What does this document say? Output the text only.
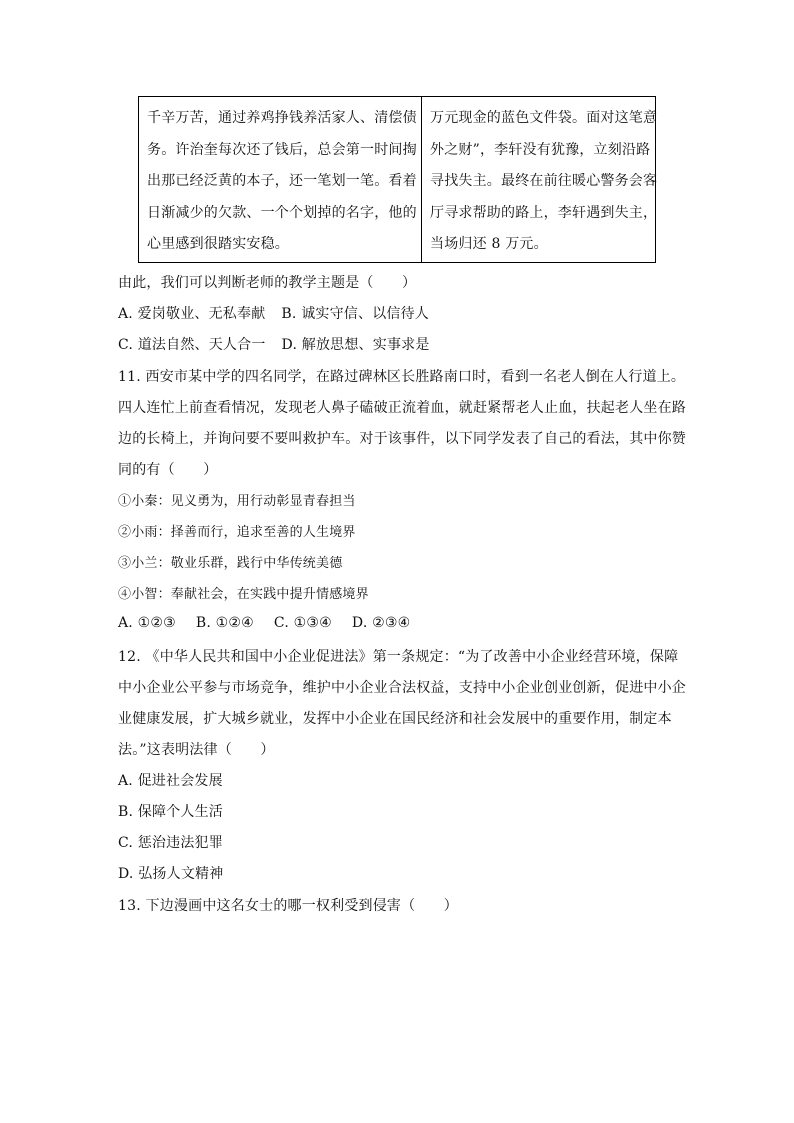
千辛万苦，通过养鸡挣钱养活家人、清偿债
务。许治奎每次还了钱后，总会第一时间掏
出那已经泛黄的本子，还一笔划一笔。看着
日渐减少的欠款、一个个划掉的名字，他的
心里感到很踏实安稳。
万元现金的蓝色文件袋。面对这笔意
外之财”，李轩没有犹豫，立刻沿路
寻找失主。最终在前往暖心警务会客
厅寻求帮助的路上，李轩遇到失主，
当场归还 8 万元。
由此，我们可以判断老师的教学主题是（　　）
A. 爱岗敬业、无私奉献 B. 诚实守信、以信待人
C. 道法自然、天人合一 D. 解放思想、实事求是
11. 西安市某中学的四名同学，在路过碑林区长胜路南口时，看到一名老人倒在人行道上。
四人连忙上前查看情况，发现老人鼻子磕破正流着血，就赶紧帮老人止血，扶起老人坐在路
边的长椅上，并询问要不要叫救护车。对于该事件，以下同学发表了自己的看法，其中你赞
同的有（　　）
①小秦：见义勇为，用行动彰显青春担当
②小雨：择善而行，追求至善的人生境界
③小兰：敬业乐群，践行中华传统美德
④小智：奉献社会，在实践中提升情感境界
A. ①②③ B. ①②④ C. ①③④ D. ②③④
12. 《中华人民共和国中小企业促进法》第一条规定：“为了改善中小企业经营环境，保障
中小企业公平参与市场竞争，维护中小企业合法权益，支持中小企业创业创新，促进中小企
业健康发展，扩大城乡就业，发挥中小企业在国民经济和社会发展中的重要作用，制定本
法。”这表明法律（　　）
A. 促进社会发展
B. 保障个人生活
C. 惩治违法犯罪
D. 弘扬人文精神
13. 下边漫画中这名女士的哪一权利受到侵害（　　）
